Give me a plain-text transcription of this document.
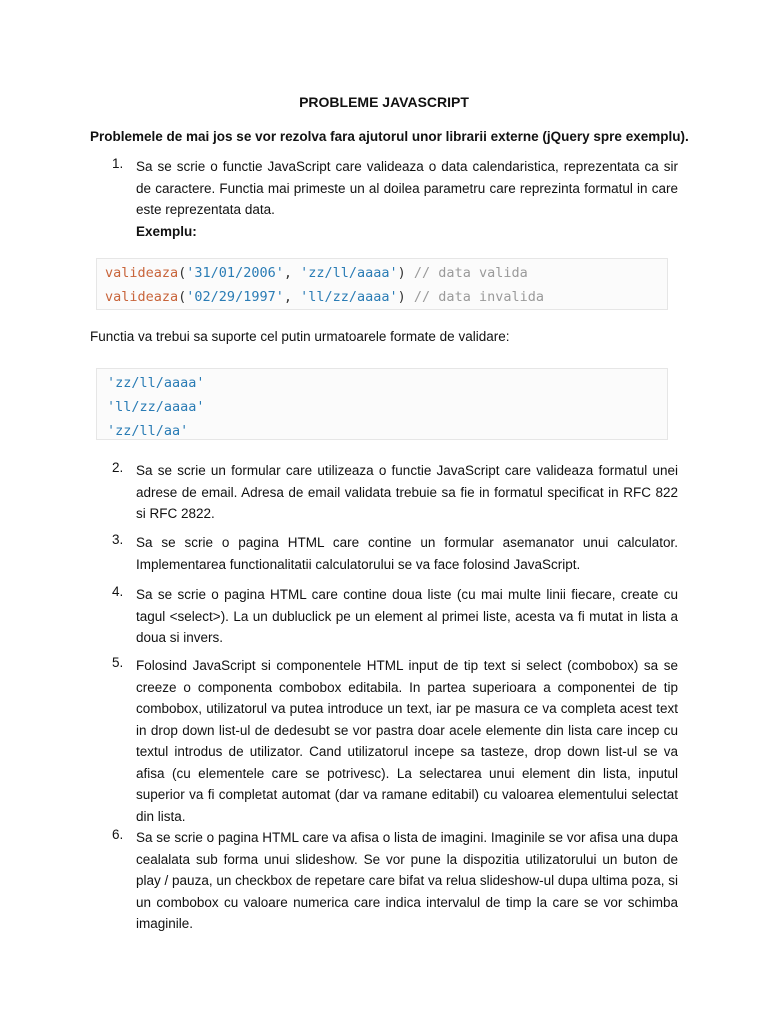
PROBLEME JAVASCRIPT
Problemele de mai jos se vor rezolva fara ajutorul unor librarii externe (jQuery spre exemplu).
1. Sa se scrie o functie JavaScript care valideaza o data calendaristica, reprezentata ca sir de caractere. Functia mai primeste un al doilea parametru care reprezinta formatul in care este reprezentata data.

Exemplu:

valideaza('31/01/2006', 'zz/ll/aaaa') // data valida
valideaza('02/29/1997', 'll/zz/aaaa') // data invalida
Functia va trebui sa suporte cel putin urmatoarele formate de validare:
'zz/ll/aaaa'
'll/zz/aaaa'
'zz/ll/aa'
2. Sa se scrie un formular care utilizeaza o functie JavaScript care valideaza formatul unei adrese de email. Adresa de email validata trebuie sa fie in formatul specificat in RFC 822 si RFC 2822.
3. Sa se scrie o pagina HTML care contine un formular asemanator unui calculator. Implementarea functionalitatii calculatorului se va face folosind JavaScript.
4. Sa se scrie o pagina HTML care contine doua liste (cu mai multe linii fiecare, create cu tagul <select>). La un dubluclick pe un element al primei liste, acesta va fi mutat in lista a doua si invers.
5. Folosind JavaScript si componentele HTML input de tip text si select (combobox) sa se creeze o componenta combobox editabila. In partea superioara a componentei de tip combobox, utilizatorul va putea introduce un text, iar pe masura ce va completa acest text in drop down list-ul de dedesubt se vor pastra doar acele elemente din lista care incep cu textul introdus de utilizator. Cand utilizatorul incepe sa tasteze, drop down list-ul se va afisa (cu elementele care se potrivesc). La selectarea unui element din lista, inputul superior va fi completat automat (dar va ramane editabil) cu valoarea elementului selectat din lista.
6. Sa se scrie o pagina HTML care va afisa o lista de imagini. Imaginile se vor afisa una dupa cealalata sub forma unui slideshow. Se vor pune la dispozitia utilizatorului un buton de play / pauza, un checkbox de repetare care bifat va relua slideshow-ul dupa ultima poza, si un combobox cu valoare numerica care indica intervalul de timp la care se vor schimba imaginile.
